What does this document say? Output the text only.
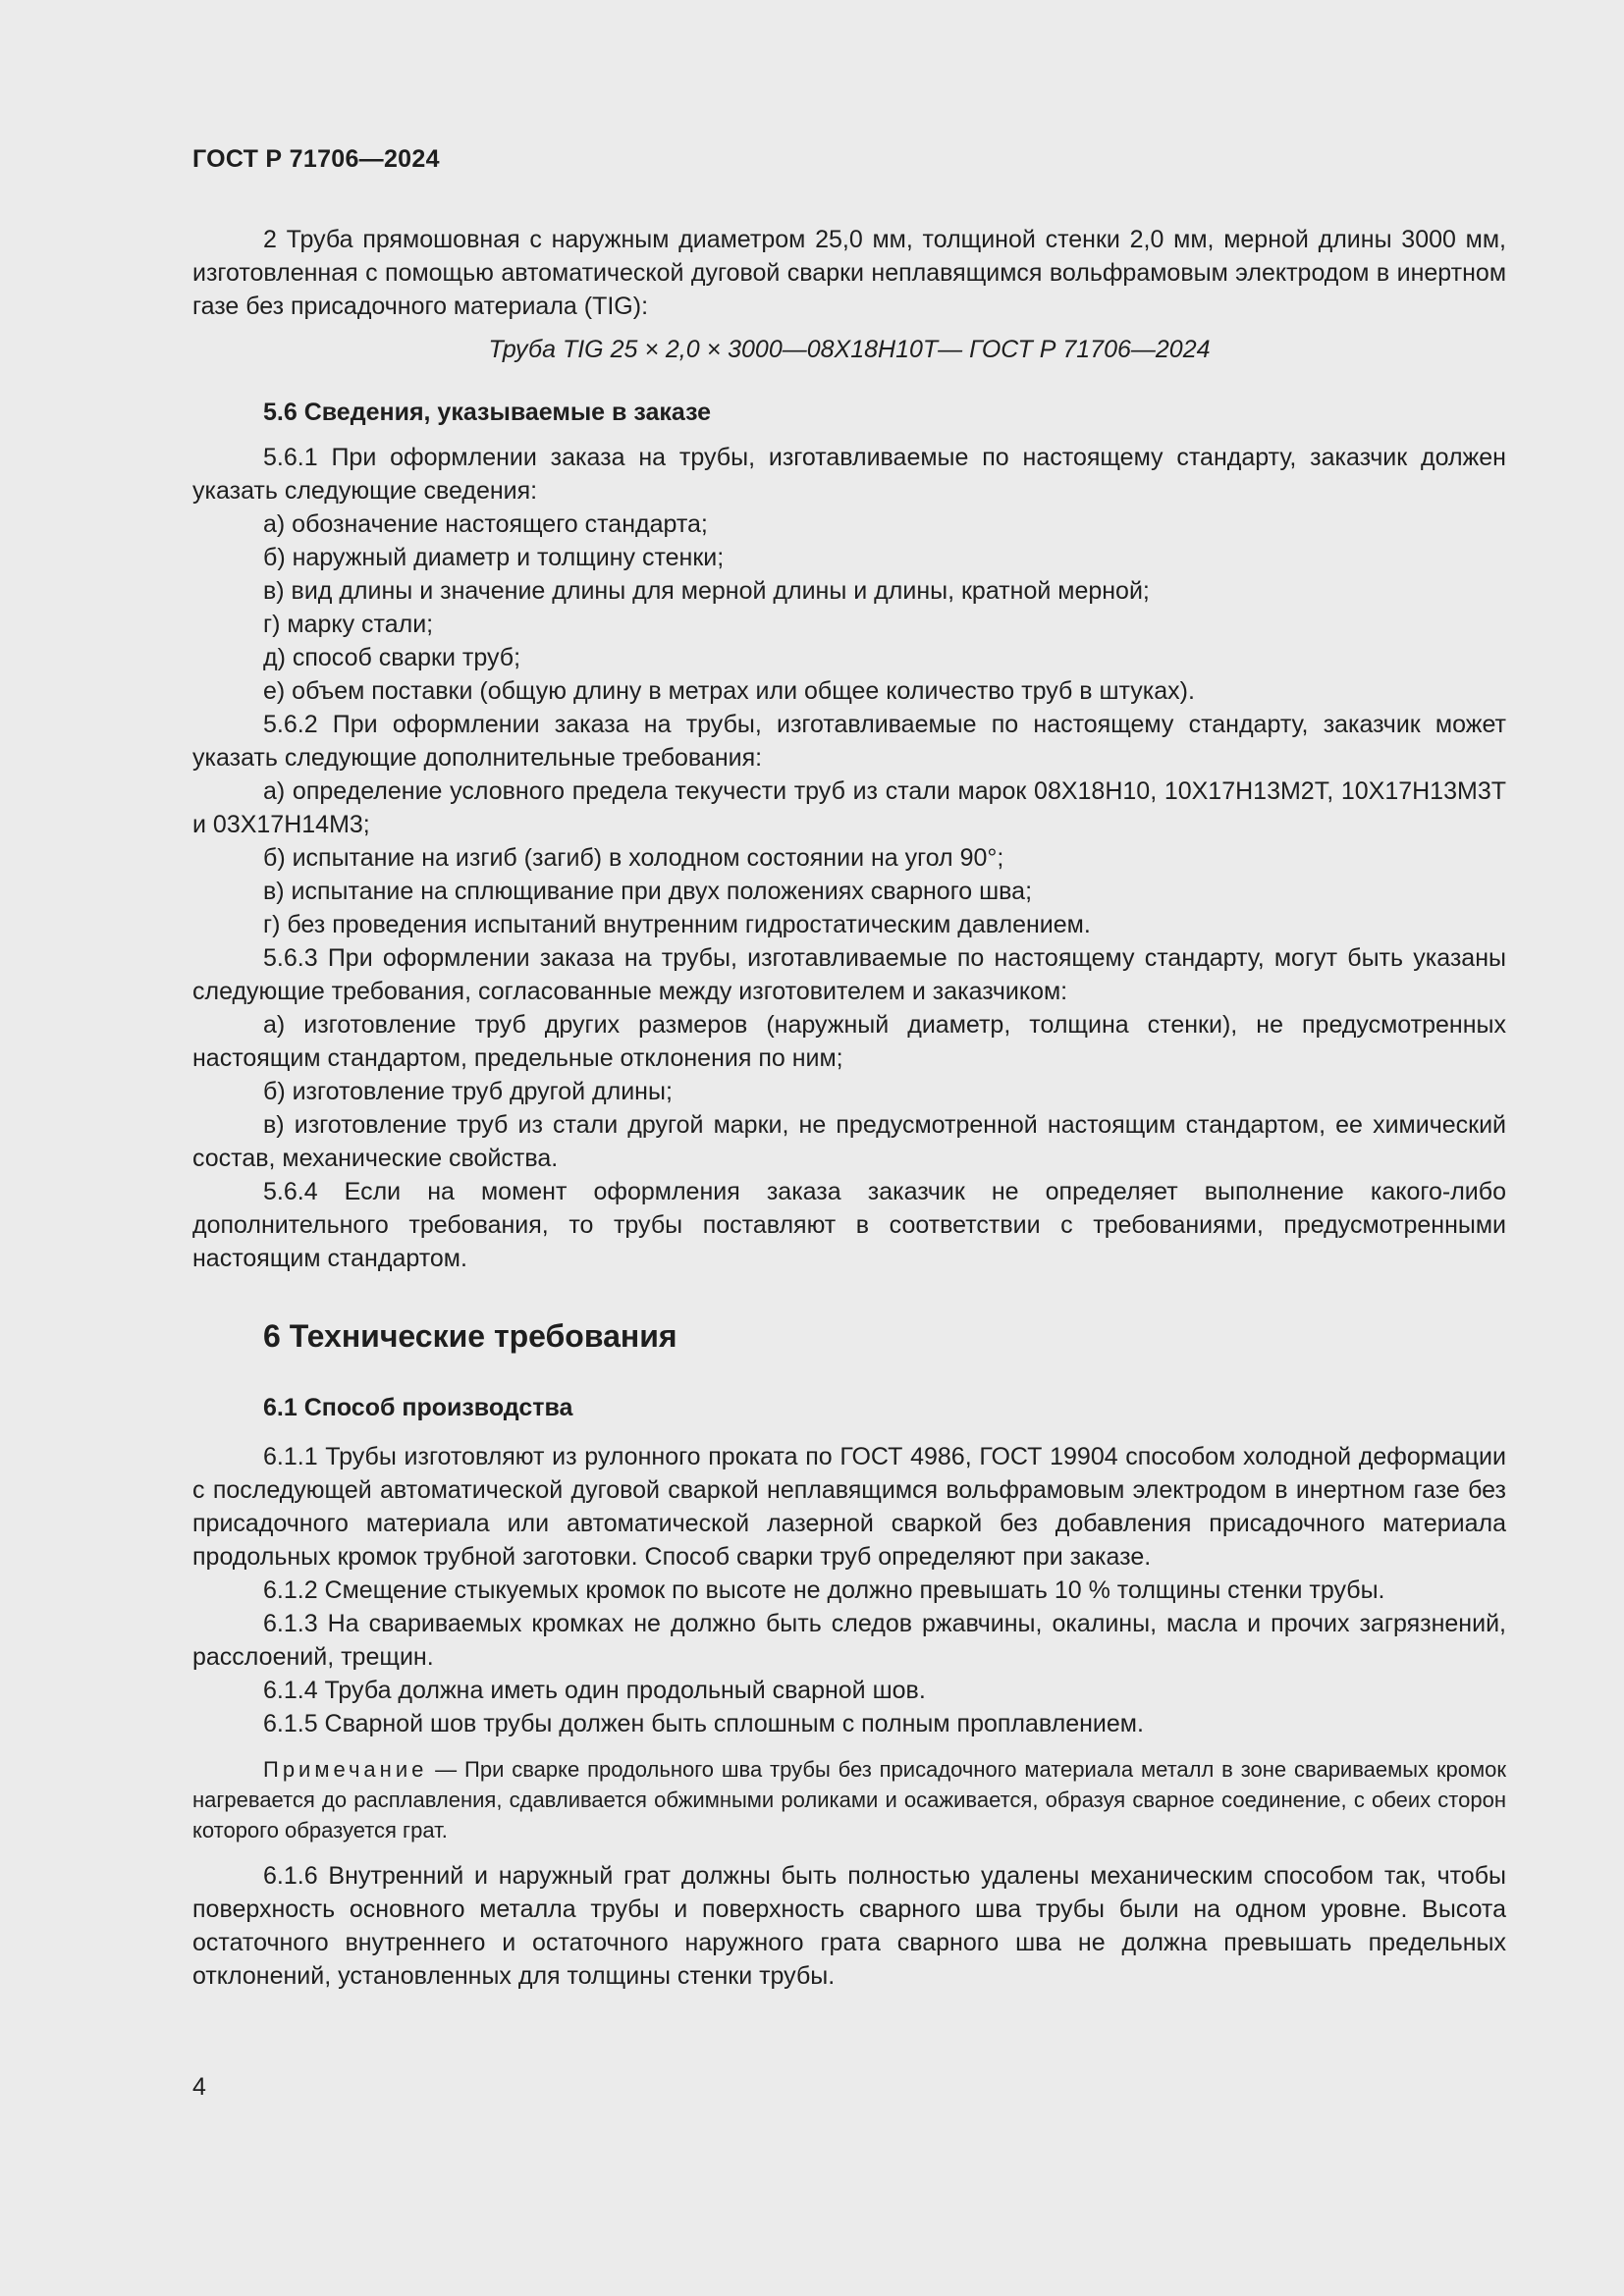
ГОСТ Р 71706—2024

2 Труба прямошовная с наружным диаметром 25,0 мм, толщиной стенки 2,0 мм, мерной длины 3000 мм, изготовленная с помощью автоматической дуговой сварки неплавящимся вольфрамовым электродом в инертном газе без присадочного материала (TIG):

Труба TIG 25 × 2,0 × 3000—08Х18Н10Т— ГОСТ Р 71706—2024

5.6 Сведения, указываемые в заказе

5.6.1 При оформлении заказа на трубы, изготавливаемые по настоящему стандарту, заказчик должен указать следующие сведения:

а) обозначение настоящего стандарта;

б) наружный диаметр и толщину стенки;

в) вид длины и значение длины для мерной длины и длины, кратной мерной;

г) марку стали;

д) способ сварки труб;

е) объем поставки (общую длину в метрах или общее количество труб в штуках).

5.6.2 При оформлении заказа на трубы, изготавливаемые по настоящему стандарту, заказчик может указать следующие дополнительные требования:

а) определение условного предела текучести труб из стали марок 08Х18Н10, 10Х17Н13М2Т, 10Х17Н13М3Т и 03Х17Н14М3;

б) испытание на изгиб (загиб) в холодном состоянии на угол 90°;

в) испытание на сплющивание при двух положениях сварного шва;

г) без проведения испытаний внутренним гидростатическим давлением.

5.6.3 При оформлении заказа на трубы, изготавливаемые по настоящему стандарту, могут быть указаны следующие требования, согласованные между изготовителем и заказчиком:

а) изготовление труб других размеров (наружный диаметр, толщина стенки), не предусмотренных настоящим стандартом, предельные отклонения по ним;

б) изготовление труб другой длины;

в) изготовление труб из стали другой марки, не предусмотренной настоящим стандартом, ее химический состав, механические свойства.

5.6.4 Если на момент оформления заказа заказчик не определяет выполнение какого-либо дополнительного требования, то трубы поставляют в соответствии с требованиями, предусмотренными настоящим стандартом.

6 Технические требования
6.1 Способ производства

6.1.1 Трубы изготовляют из рулонного проката по ГОСТ 4986, ГОСТ 19904 способом холодной деформации с последующей автоматической дуговой сваркой неплавящимся вольфрамовым электродом в инертном газе без присадочного материала или автоматической лазерной сваркой без добавления присадочного материала продольных кромок трубной заготовки. Способ сварки труб определяют при заказе.

6.1.2 Смещение стыкуемых кромок по высоте не должно превышать 10 % толщины стенки трубы.

6.1.3 На свариваемых кромках не должно быть следов ржавчины, окалины, масла и прочих загрязнений, расслоений, трещин.

6.1.4 Труба должна иметь один продольный сварной шов.

6.1.5 Сварной шов трубы должен быть сплошным с полным проплавлением.

Примечание — При сварке продольного шва трубы без присадочного материала металл в зоне свариваемых кромок нагревается до расплавления, сдавливается обжимными роликами и осаживается, образуя сварное соединение, с обеих сторон которого образуется грат.

6.1.6 Внутренний и наружный грат должны быть полностью удалены механическим способом так, чтобы поверхность основного металла трубы и поверхность сварного шва трубы были на одном уровне. Высота остаточного внутреннего и остаточного наружного грата сварного шва не должна превышать предельных отклонений, установленных для толщины стенки трубы.

4
